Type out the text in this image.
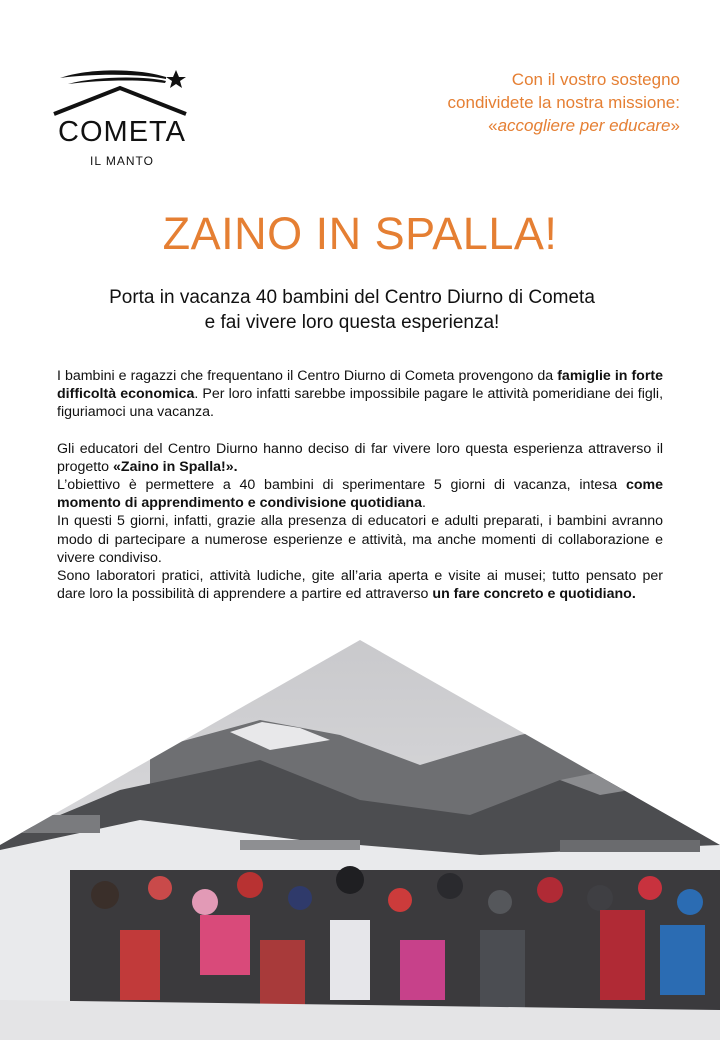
COMETA
IL MANTO
Con il vostro sostegno
condividete la nostra missione:
«accogliere per educare»
ZAINO IN SPALLA!
Porta in vacanza 40 bambini del Centro Diurno di Cometa
e fai vivere loro questa esperienza!

I bambini e ragazzi che frequentano il Centro Diurno di Cometa provengono da famiglie in forte difficoltà economica. Per loro infatti sarebbe impossibile pagare le attività pomeridiane dei figli, figuriamoci una vacanza.

Gli educatori del Centro Diurno hanno deciso di far vivere loro questa esperienza attraverso il progetto «Zaino in Spalla!».

L’obiettivo è permettere a 40 bambini di sperimentare 5 giorni di vacanza, intesa come momento di apprendimento e condivisione quotidiana.

In questi 5 giorni, infatti, grazie alla presenza di educatori e adulti preparati, i bambini avranno modo di partecipare a numerose esperienze e attività, ma anche momenti di collaborazione e vivere condiviso.

Sono laboratori pratici, attività ludiche, gite all’aria aperta e visite ai musei; tutto pensato per dare loro la possibilità di apprendere a partire ed attraverso un fare concreto e quotidiano.
